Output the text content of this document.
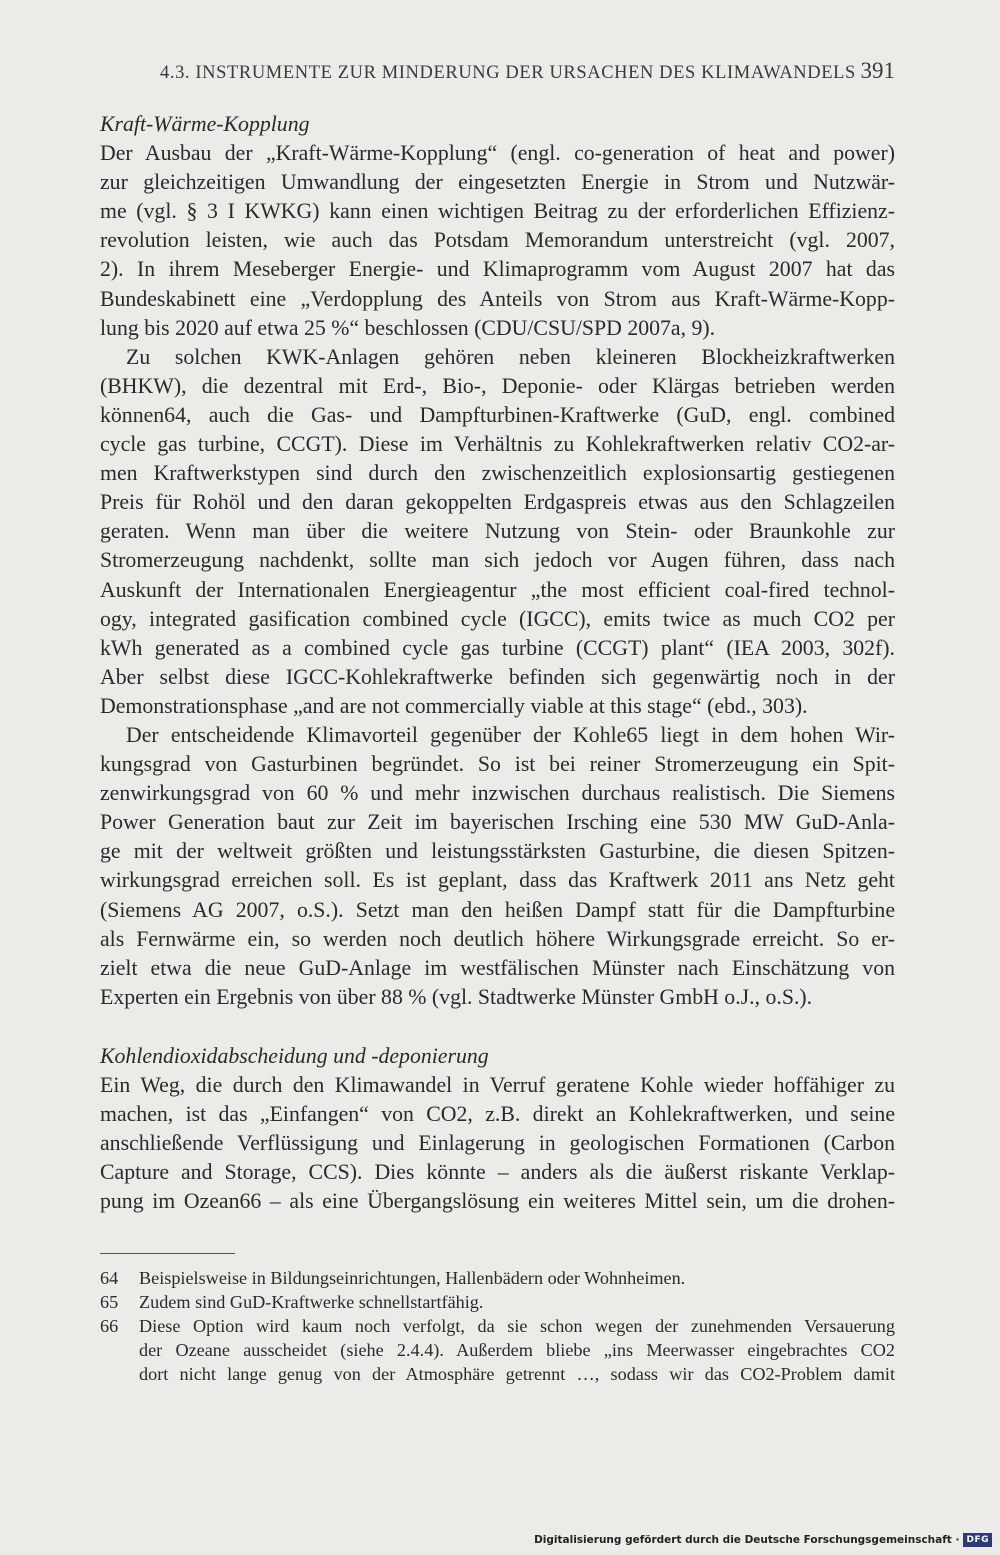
4.3. INSTRUMENTE ZUR MINDERUNG DER URSACHEN DES KLIMAWANDELS 391
Kraft-Wärme-Kopplung
Der Ausbau der „Kraft-Wärme-Kopplung“ (engl. co-generation of heat and power)
zur gleichzeitigen Umwandlung der eingesetzten Energie in Strom und Nutzwär-
me (vgl. § 3 I KWKG) kann einen wichtigen Beitrag zu der erforderlichen Effizienz-
revolution leisten, wie auch das Potsdam Memorandum unterstreicht (vgl. 2007,
2). In ihrem Meseberger Energie- und Klimaprogramm vom August 2007 hat das
Bundeskabinett eine „Verdopplung des Anteils von Strom aus Kraft-Wärme-Kopp-
lung bis 2020 auf etwa 25 %“ beschlossen (CDU/CSU/SPD 2007a, 9).
Zu solchen KWK-Anlagen gehören neben kleineren Blockheizkraftwerken
(BHKW), die dezentral mit Erd-, Bio-, Deponie- oder Klärgas betrieben werden
können64, auch die Gas- und Dampfturbinen-Kraftwerke (GuD, engl. combined
cycle gas turbine, CCGT). Diese im Verhältnis zu Kohlekraftwerken relativ CO2-ar-
men Kraftwerkstypen sind durch den zwischenzeitlich explosionsartig gestiegenen
Preis für Rohöl und den daran gekoppelten Erdgaspreis etwas aus den Schlagzeilen
geraten. Wenn man über die weitere Nutzung von Stein- oder Braunkohle zur
Stromerzeugung nachdenkt, sollte man sich jedoch vor Augen führen, dass nach
Auskunft der Internationalen Energieagentur „the most efficient coal-fired technol-
ogy, integrated gasification combined cycle (IGCC), emits twice as much CO2 per
kWh generated as a combined cycle gas turbine (CCGT) plant“ (IEA 2003, 302f).
Aber selbst diese IGCC-Kohlekraftwerke befinden sich gegenwärtig noch in der
Demonstrationsphase „and are not commercially viable at this stage“ (ebd., 303).
Der entscheidende Klimavorteil gegenüber der Kohle65 liegt in dem hohen Wir-
kungsgrad von Gasturbinen begründet. So ist bei reiner Stromerzeugung ein Spit-
zenwirkungsgrad von 60 % und mehr inzwischen durchaus realistisch. Die Siemens
Power Generation baut zur Zeit im bayerischen Irsching eine 530 MW GuD-Anla-
ge mit der weltweit größten und leistungsstärksten Gasturbine, die diesen Spitzen-
wirkungsgrad erreichen soll. Es ist geplant, dass das Kraftwerk 2011 ans Netz geht
(Siemens AG 2007, o.S.). Setzt man den heißen Dampf statt für die Dampfturbine
als Fernwärme ein, so werden noch deutlich höhere Wirkungsgrade erreicht. So er-
zielt etwa die neue GuD-Anlage im westfälischen Münster nach Einschätzung von
Experten ein Ergebnis von über 88 % (vgl. Stadtwerke Münster GmbH o.J., o.S.).
Kohlendioxidabscheidung und -deponierung
Ein Weg, die durch den Klimawandel in Verruf geratene Kohle wieder hoffähiger zu
machen, ist das „Einfangen“ von CO2, z.B. direkt an Kohlekraftwerken, und seine
anschließende Verflüssigung und Einlagerung in geologischen Formationen (Carbon
Capture and Storage, CCS). Dies könnte – anders als die äußerst riskante Verklap-
pung im Ozean66 – als eine Übergangslösung ein weiteres Mittel sein, um die drohen-
64 Beispielsweise in Bildungseinrichtungen, Hallenbädern oder Wohnheimen.
65 Zudem sind GuD-Kraftwerke schnellstartfähig.
66 Diese Option wird kaum noch verfolgt, da sie schon wegen der zunehmenden Versauerung
der Ozeane ausscheidet (siehe 2.4.4). Außerdem bliebe „ins Meerwasser eingebrachtes CO2
dort nicht lange genug von der Atmosphäre getrennt …, sodass wir das CO2-Problem damit
Digitalisierung gefördert durch die Deutsche Forschungsgemeinschaft · DFG
